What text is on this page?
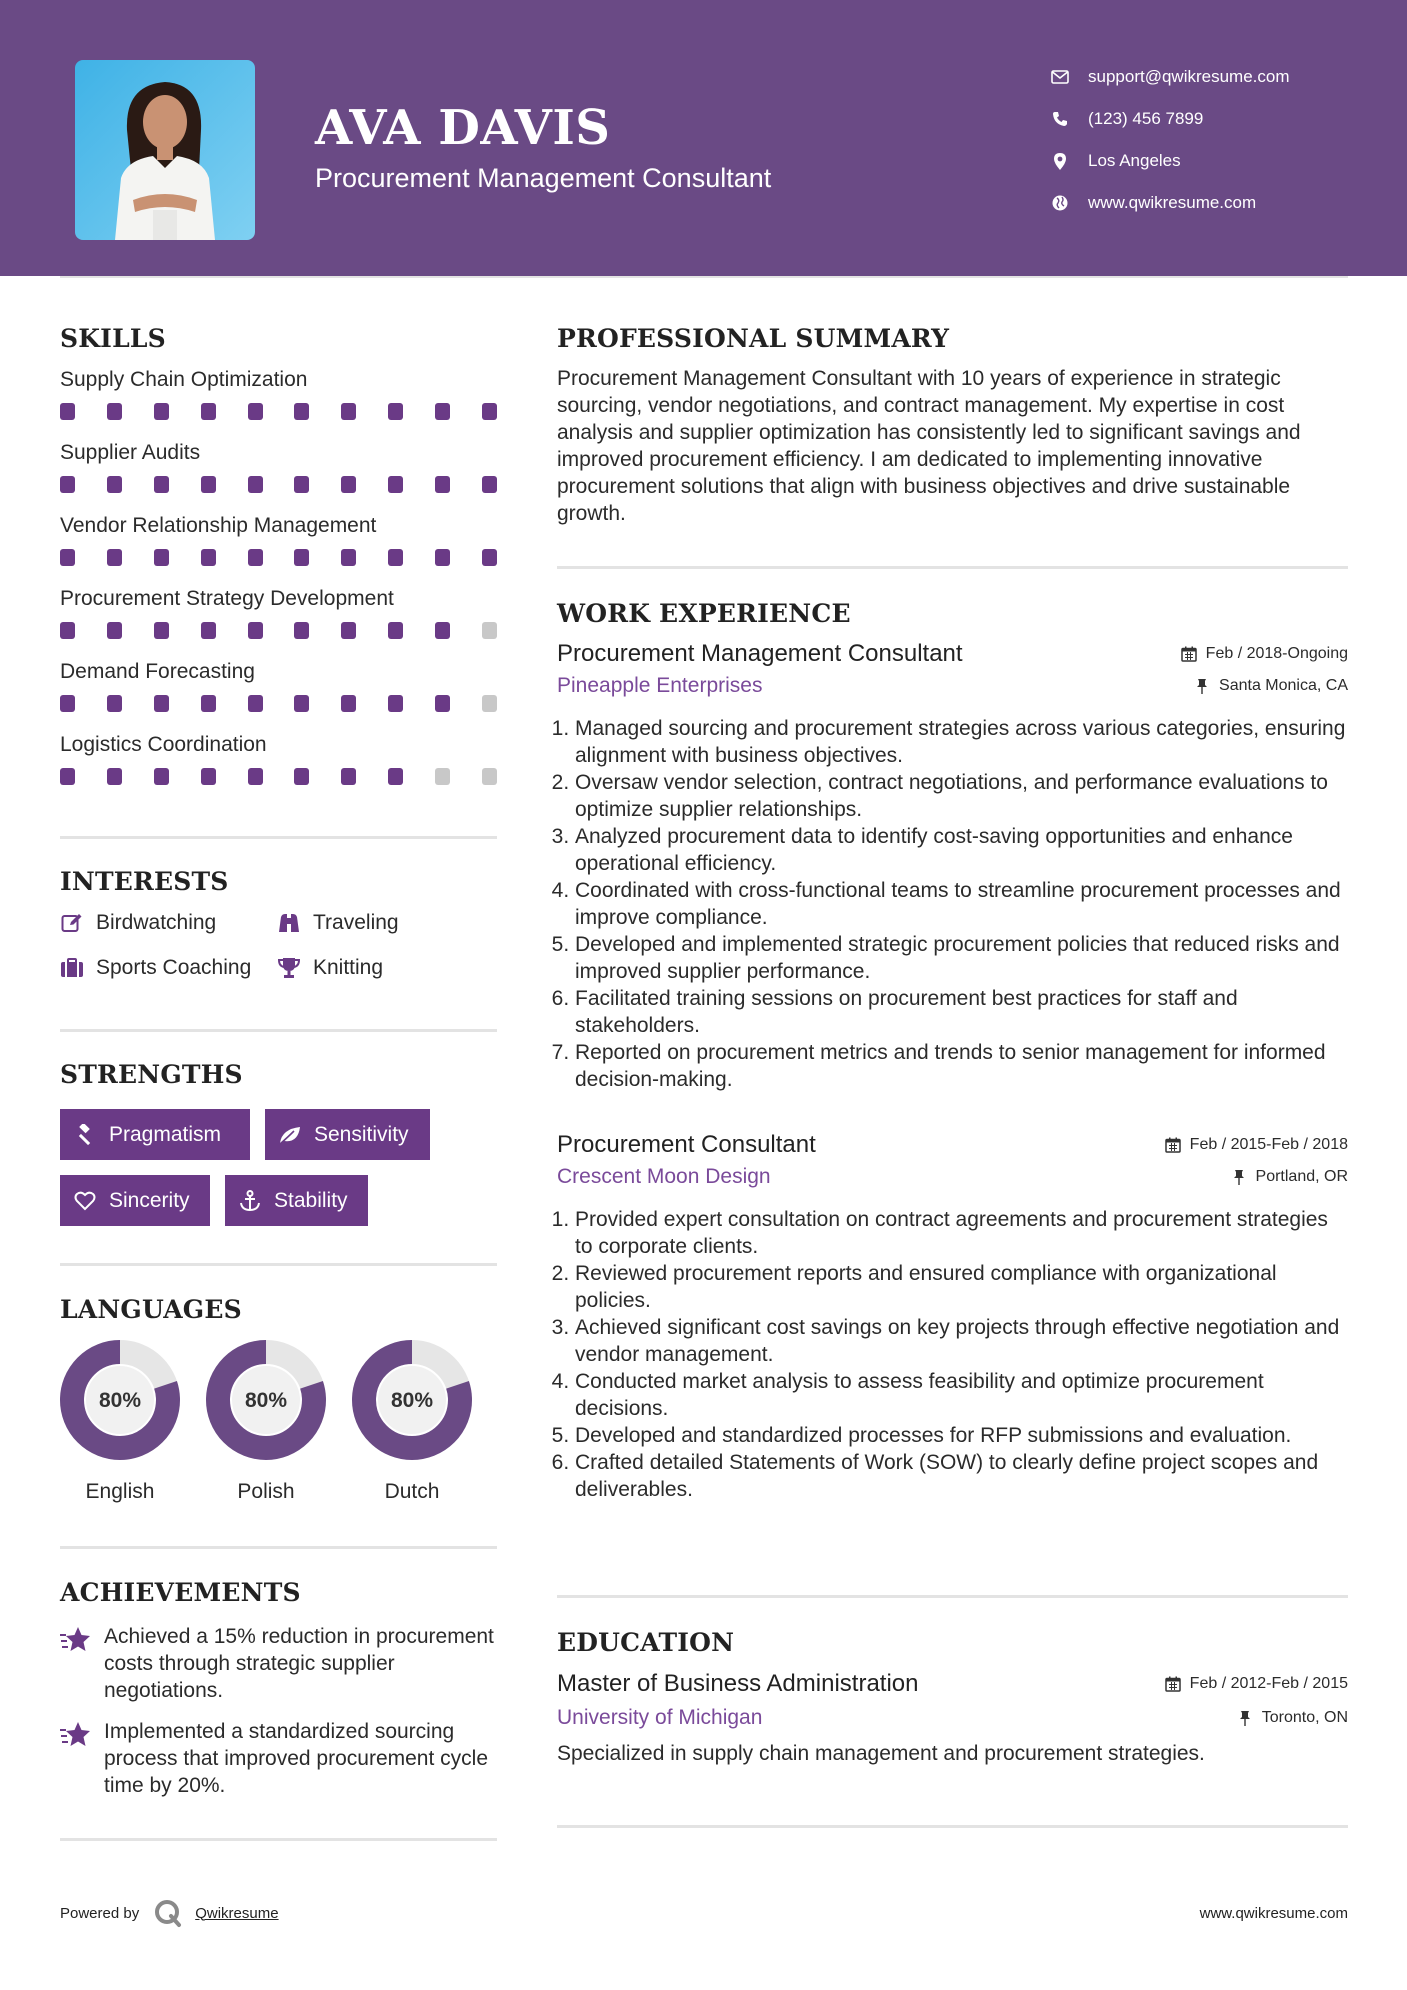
AVA DAVIS

Procurement Management Consultant

support@qwikresume.com
(123) 456 7899
Los Angeles
www.qwikresume.com
SKILLS
Supply Chain Optimization
Supplier Audits
Vendor Relationship Management
Procurement Strategy Development
Demand Forecasting
Logistics Coordination
INTERESTS
Birdwatching	Traveling
Sports Coaching	Knitting
STRENGTHS
Pragmatism	Sensitivity
Sincerity	Stability
LANGUAGES
80%
English
80%
Polish
80%
Dutch
ACHIEVEMENTS
Achieved a 15% reduction in procurement costs through strategic supplier negotiations.
Implemented a standardized sourcing process that improved procurement cycle time by 20%.
PROFESSIONAL SUMMARY

Procurement Management Consultant with 10 years of experience in strategic sourcing, vendor negotiations, and contract management. My expertise in cost analysis and supplier optimization has consistently led to significant savings and improved procurement efficiency. I am dedicated to implementing innovative procurement solutions that align with business objectives and drive sustainable growth.

WORK EXPERIENCE
Procurement Management Consultant	Feb / 2018-Ongoing
Pineapple Enterprises	Santa Monica, CA
1. Managed sourcing and procurement strategies across various categories, ensuring alignment with business objectives.
2. Oversaw vendor selection, contract negotiations, and performance evaluations to optimize supplier relationships.
3. Analyzed procurement data to identify cost-saving opportunities and enhance operational efficiency.
4. Coordinated with cross-functional teams to streamline procurement processes and improve compliance.
5. Developed and implemented strategic procurement policies that reduced risks and improved supplier performance.
6. Facilitated training sessions on procurement best practices for staff and stakeholders.
7. Reported on procurement metrics and trends to senior management for informed decision-making.
Procurement Consultant	Feb / 2015-Feb / 2018
Crescent Moon Design	Portland, OR
1. Provided expert consultation on contract agreements and procurement strategies to corporate clients.
2. Reviewed procurement reports and ensured compliance with organizational policies.
3. Achieved significant cost savings on key projects through effective negotiation and vendor management.
4. Conducted market analysis to assess feasibility and optimize procurement decisions.
5. Developed and standardized processes for RFP submissions and evaluation.
6. Crafted detailed Statements of Work (SOW) to clearly define project scopes and deliverables.
EDUCATION
Master of Business Administration	Feb / 2012-Feb / 2015
University of Michigan	Toronto, ON

Specialized in supply chain management and procurement strategies.

Powered by	Qwikresume	www.qwikresume.com
